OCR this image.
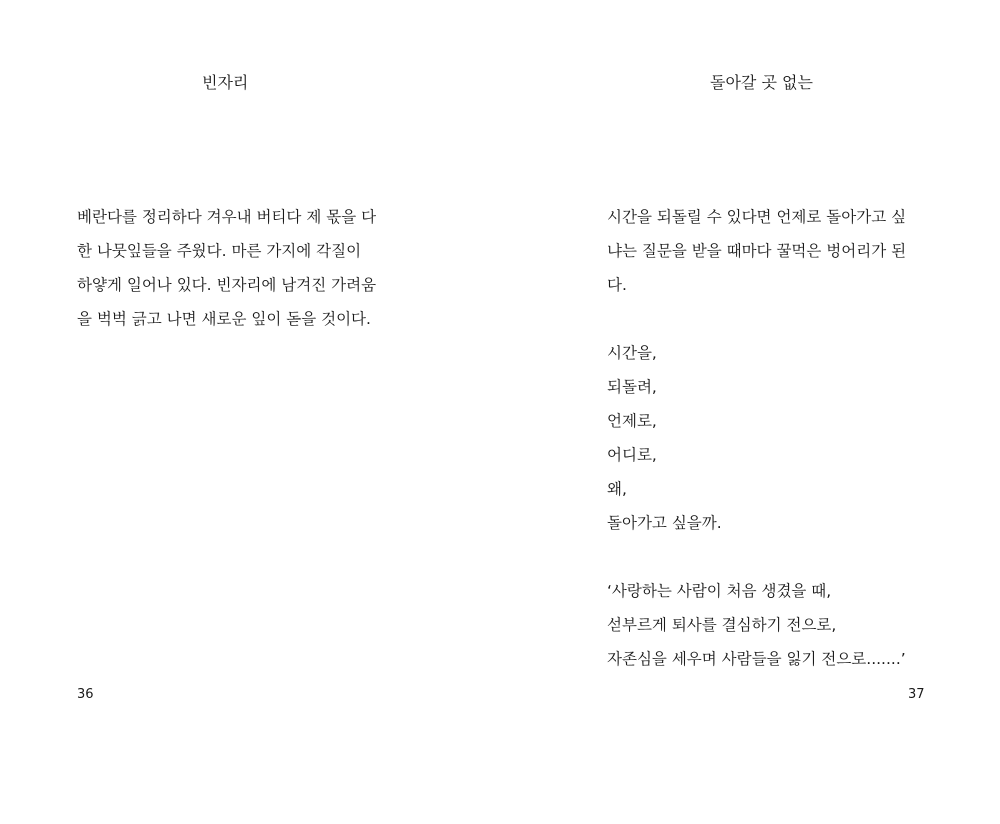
빈자리
베란다를 정리하다 겨우내 버티다 제 몫을 다
한 나뭇잎들을 주웠다. 마른 가지에 각질이
하얗게 일어나 있다. 빈자리에 남겨진 가려움
을 벅벅 긁고 나면 새로운 잎이 돋을 것이다.
36
돌아갈 곳 없는
시간을 되돌릴 수 있다면 언제로 돌아가고 싶
냐는 질문을 받을 때마다 꿀먹은 벙어리가 된
다.
시간을,
되돌려,
언제로,
어디로,
왜,
돌아가고 싶을까.
‘사랑하는 사람이 처음 생겼을 때,
섣부르게 퇴사를 결심하기 전으로,
자존심을 세우며 사람들을 잃기 전으로.......’
37
